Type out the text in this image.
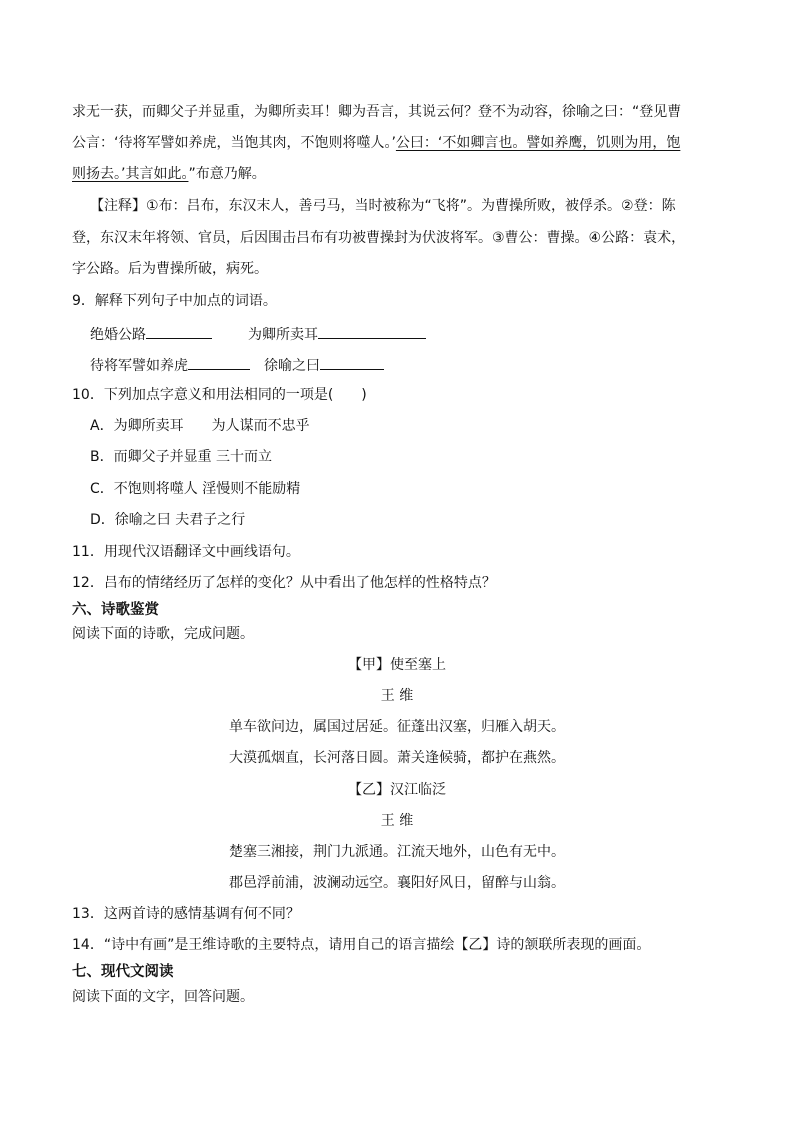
求无一获，而卿父子并显重，为卿所卖耳！卿为吾言，其说云何？登不为动容，徐喻之曰：“登见曹
公言：‘待将军譬如养虎，当饱其肉，不饱则将噬人。’公曰：‘不如卿言也。譬如养鹰，饥则为用，饱
则扬去。’其言如此。”布意乃解。
【注释】①布：吕布，东汉末人，善弓马，当时被称为“飞将”。为曹操所败，被俘杀。②登：陈
登，东汉末年将领、官员，后因围击吕布有功被曹操封为伏波将军。③曹公：曹操。④公路：袁术，
字公路。后为曹操所破，病死。
9．解释下列句子中加点的词语。
绝婚公路	为卿所卖耳
待将军譬如养虎	徐喻之曰
10．下列加点字意义和用法相同的一项是(　　)
A．为卿所卖耳　　为人谋而不忠乎
B．而卿父子并显重 三十而立
C．不饱则将噬人 淫慢则不能励精
D．徐喻之曰 夫君子之行
11．用现代汉语翻译文中画线语句。
12．吕布的情绪经历了怎样的变化？从中看出了他怎样的性格特点？
六、诗歌鉴赏
阅读下面的诗歌，完成问题。
【甲】使至塞上
王 维
单车欲问边，属国过居延。征蓬出汉塞，归雁入胡天。
大漠孤烟直，长河落日圆。萧关逢候骑，都护在燕然。
【乙】汉江临泛
王 维
楚塞三湘接，荆门九派通。江流天地外，山色有无中。
郡邑浮前浦，波澜动远空。襄阳好风日，留醉与山翁。
13．这两首诗的感情基调有何不同？
14．“诗中有画”是王维诗歌的主要特点，请用自己的语言描绘【乙】诗的颔联所表现的画面。
七、现代文阅读
阅读下面的文字，回答问题。
